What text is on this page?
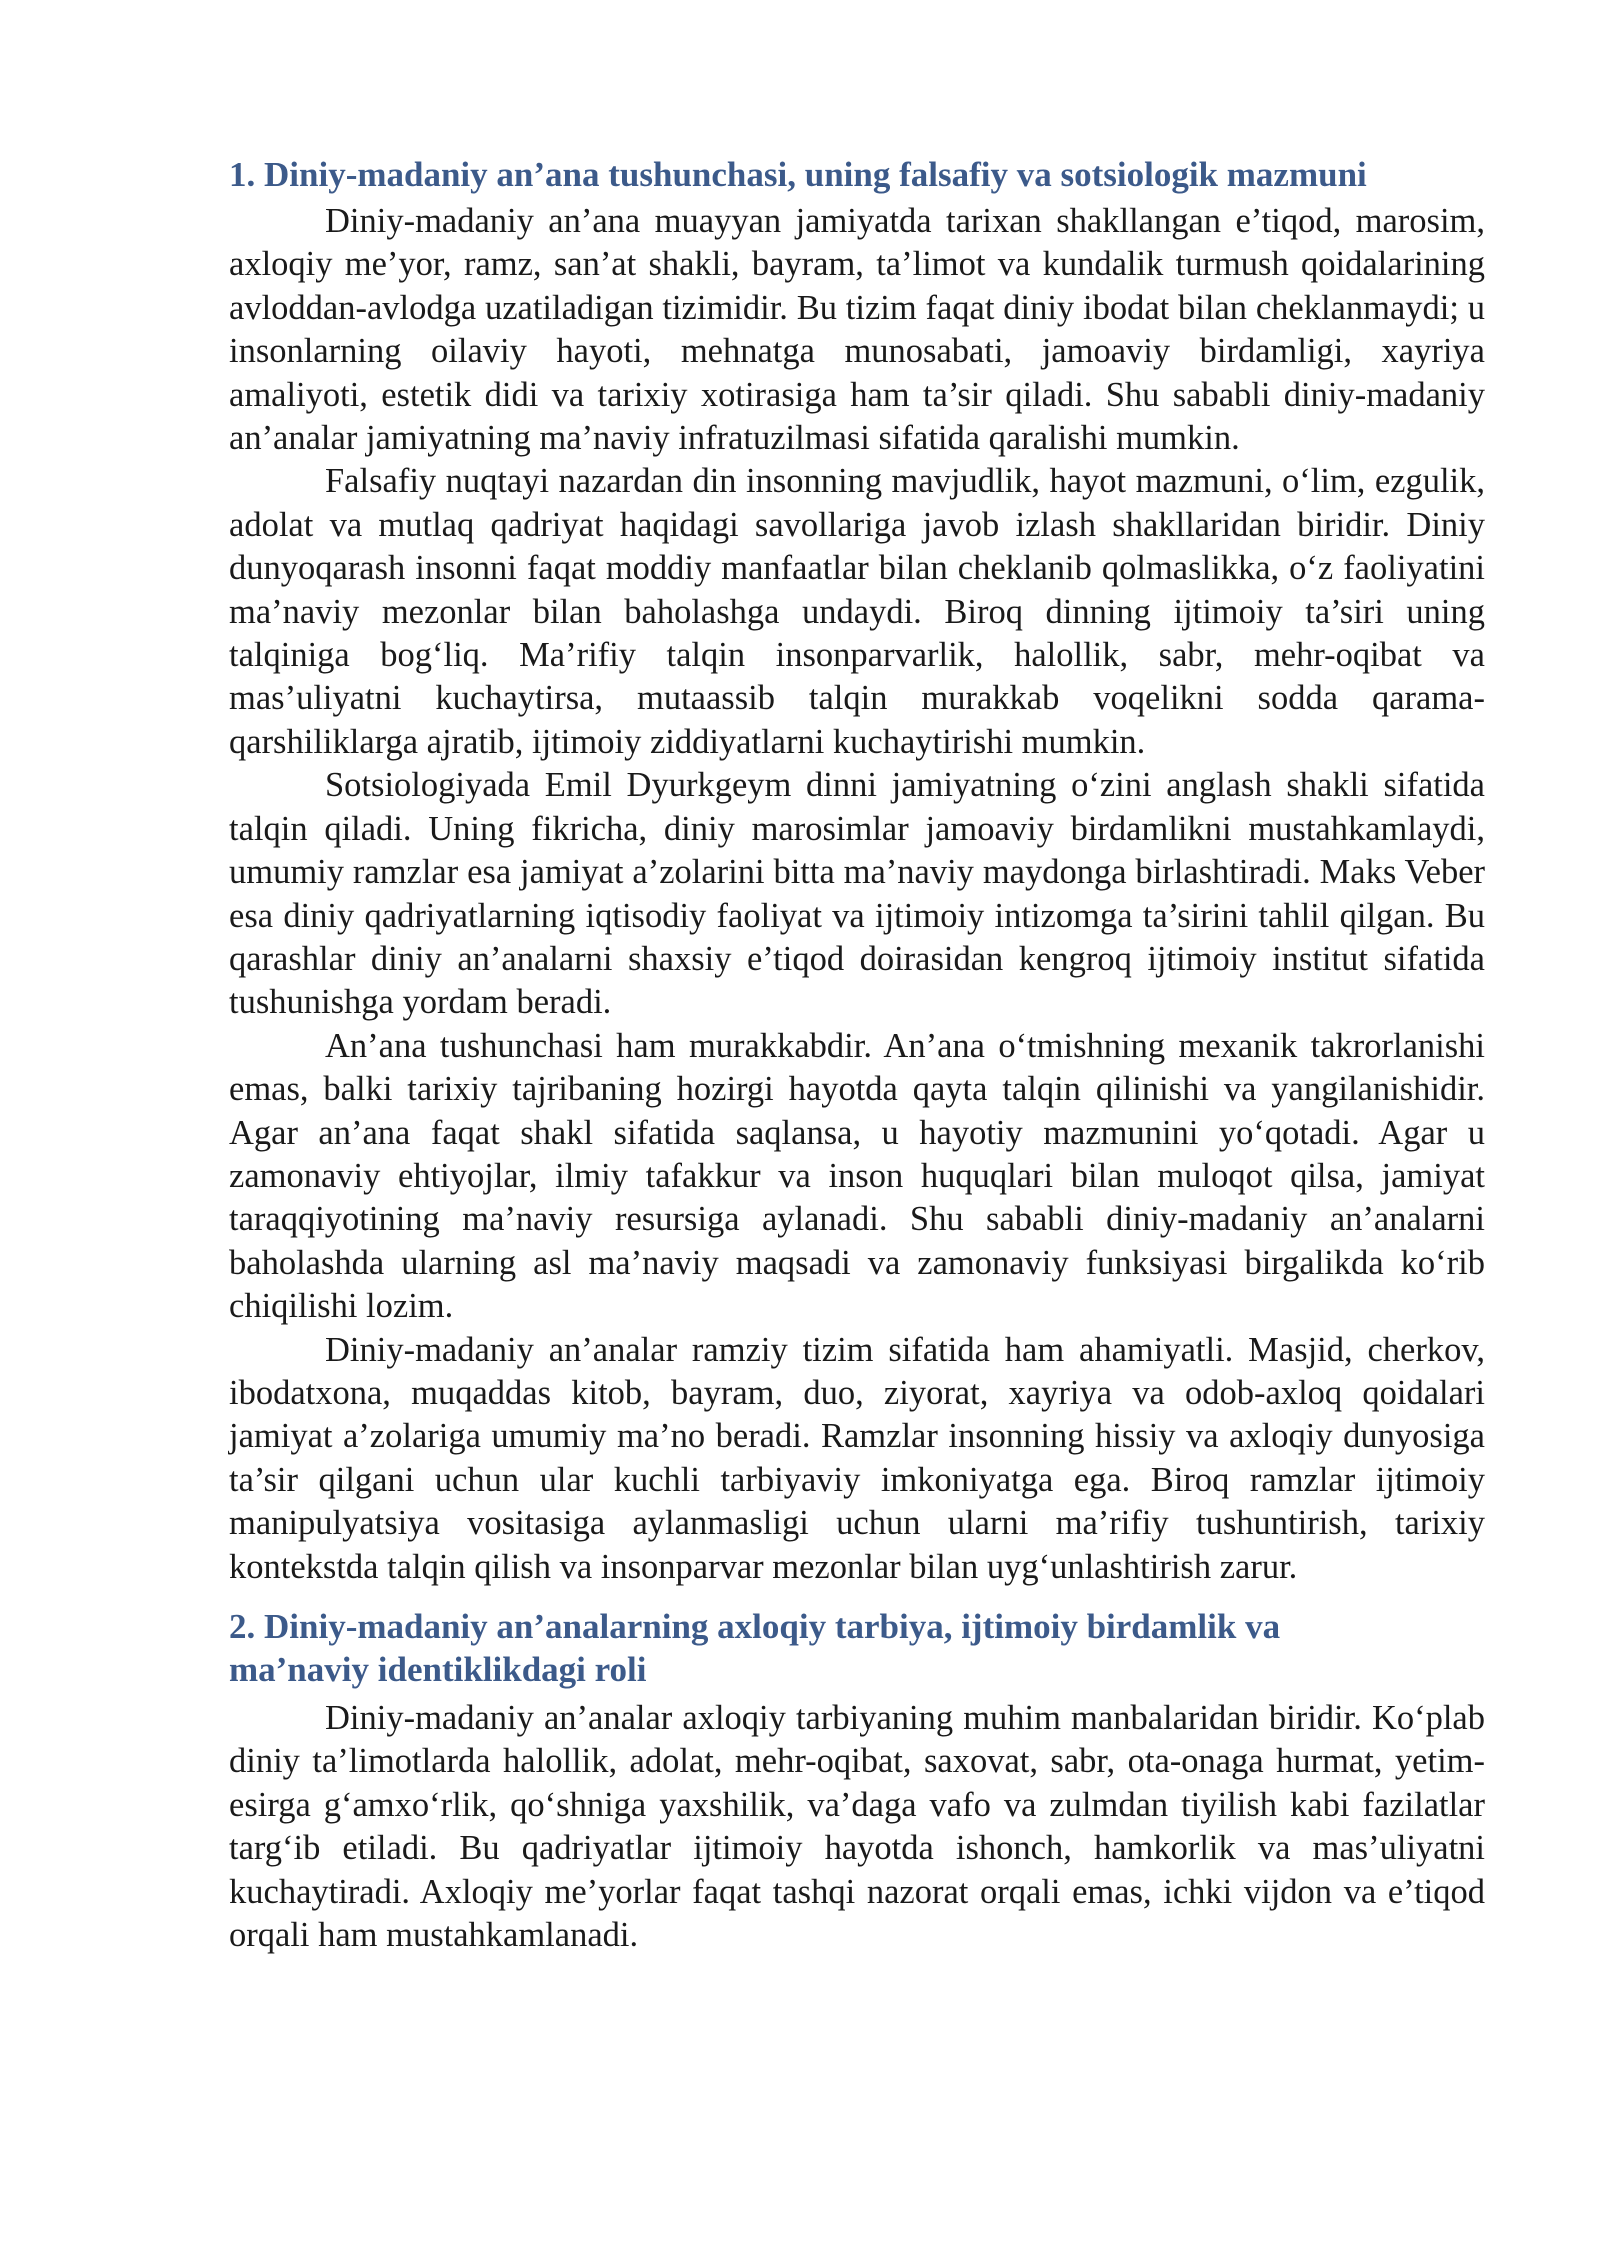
1. Diniy-madaniy an’ana tushunchasi, uning falsafiy va sotsiologik mazmuni

Diniy-madaniy an’ana muayyan jamiyatda tarixan shakllangan e’tiqod, marosim, axloqiy me’yor, ramz, san’at shakli, bayram, ta’limot va kundalik turmush qoidalarining avloddan-avlodga uzatiladigan tizimidir. Bu tizim faqat diniy ibodat bilan cheklanmaydi; u insonlarning oilaviy hayoti, mehnatga munosabati, jamoaviy birdamligi, xayriya amaliyoti, estetik didi va tarixiy xotirasiga ham ta’sir qiladi. Shu sababli diniy-madaniy an’analar jamiyatning ma’naviy infratuzilmasi sifatida qaralishi mumkin.

Falsafiy nuqtayi nazardan din insonning mavjudlik, hayot mazmuni, o‘lim, ezgulik, adolat va mutlaq qadriyat haqidagi savollariga javob izlash shakllaridan biridir. Diniy dunyoqarash insonni faqat moddiy manfaatlar bilan cheklanib qolmaslikka, o‘z faoliyatini ma’naviy mezonlar bilan baholashga undaydi. Biroq dinning ijtimoiy ta’siri uning talqiniga bog‘liq. Ma’rifiy talqin insonparvarlik, halollik, sabr, mehr-oqibat va mas’uliyatni kuchaytirsa, mutaassib talqin murakkab voqelikni sodda qarama-qarshiliklarga ajratib, ijtimoiy ziddiyatlarni kuchaytirishi mumkin.

Sotsiologiyada Emil Dyurkgeym dinni jamiyatning o‘zini anglash shakli sifatida talqin qiladi. Uning fikricha, diniy marosimlar jamoaviy birdamlikni mustahkamlaydi, umumiy ramzlar esa jamiyat a’zolarini bitta ma’naviy maydonga birlashtiradi. Maks Veber esa diniy qadriyatlarning iqtisodiy faoliyat va ijtimoiy intizomga ta’sirini tahlil qilgan. Bu qarashlar diniy an’analarni shaxsiy e’tiqod doirasidan kengroq ijtimoiy institut sifatida tushunishga yordam beradi.

An’ana tushunchasi ham murakkabdir. An’ana o‘tmishning mexanik takrorlanishi emas, balki tarixiy tajribaning hozirgi hayotda qayta talqin qilinishi va yangilanishidir. Agar an’ana faqat shakl sifatida saqlansa, u hayotiy mazmunini yo‘qotadi. Agar u zamonaviy ehtiyojlar, ilmiy tafakkur va inson huquqlari bilan muloqot qilsa, jamiyat taraqqiyotining ma’naviy resursiga aylanadi. Shu sababli diniy-madaniy an’analarni baholashda ularning asl ma’naviy maqsadi va zamonaviy funksiyasi birgalikda ko‘rib chiqilishi lozim.

Diniy-madaniy an’analar ramziy tizim sifatida ham ahamiyatli. Masjid, cherkov, ibodatxona, muqaddas kitob, bayram, duo, ziyorat, xayriya va odob-axloq qoidalari jamiyat a’zolariga umumiy ma’no beradi. Ramzlar insonning hissiy va axloqiy dunyosiga ta’sir qilgani uchun ular kuchli tarbiyaviy imkoniyatga ega. Biroq ramzlar ijtimoiy manipulyatsiya vositasiga aylanmasligi uchun ularni ma’rifiy tushuntirish, tarixiy kontekstda talqin qilish va insonparvar mezonlar bilan uyg‘unlashtirish zarur.

2. Diniy-madaniy an’analarning axloqiy tarbiya, ijtimoiy birdamlik va
ma’naviy identiklikdagi roli

Diniy-madaniy an’analar axloqiy tarbiyaning muhim manbalaridan biridir. Ko‘plab diniy ta’limotlarda halollik, adolat, mehr-oqibat, saxovat, sabr, ota-onaga hurmat, yetim-esirga g‘amxo‘rlik, qo‘shniga yaxshilik, va’daga vafo va zulmdan tiyilish kabi fazilatlar targ‘ib etiladi. Bu qadriyatlar ijtimoiy hayotda ishonch, hamkorlik va mas’uliyatni kuchaytiradi. Axloqiy me’yorlar faqat tashqi nazorat orqali emas, ichki vijdon va e’tiqod orqali ham mustahkamlanadi.
